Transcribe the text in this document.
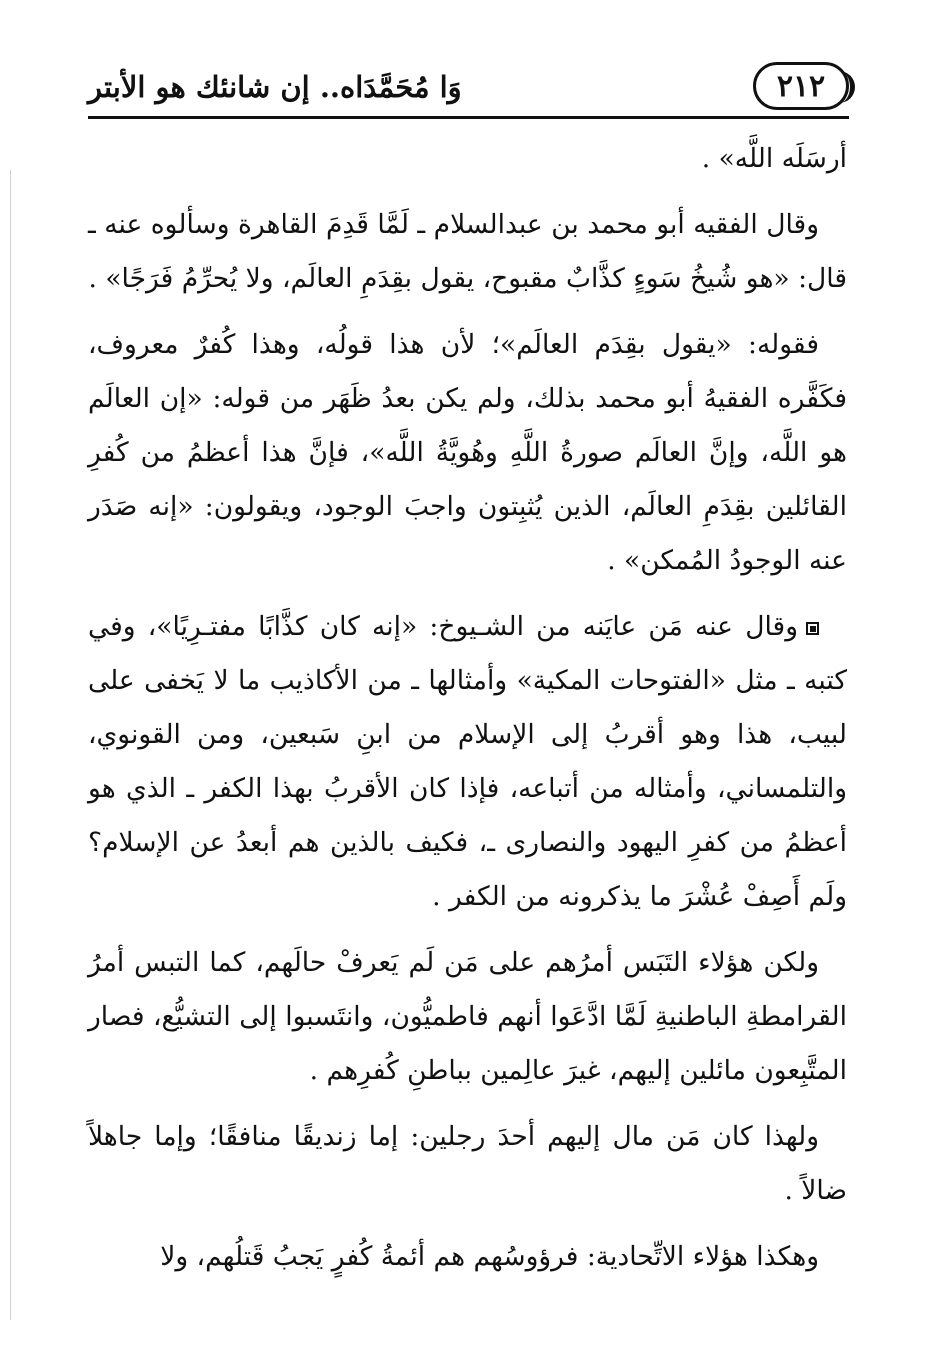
٢١٢
وَا مُحَمَّدَاه.. إن شانئك هو الأبتر

أرسَلَه اللَّه» .

وقال الفقيه أبو محمد بن عبدالسلام ـ لَمَّا قَدِمَ القاهرة وسألوه عنه ـ قال: «هو شُيخُ سَوءٍ كذَّابٌ مقبوح، يقول بقِدَمِ العالَم، ولا يُحرِّمُ فَرَجًا» .

فقوله: «يقول بقِدَم العالَم»؛ لأن هذا قولُه، وهذا كُفرٌ معروف، فكَفَّره الفقيهُ أبو محمد بذلك، ولم يكن بعدُ ظَهَر من قوله: «إن العالَم هو اللَّه، وإنَّ العالَم صورةُ اللَّهِ وهُويَّةُ اللَّه»، فإنَّ هذا أعظمُ من كُفرِ القائلين بقِدَمِ العالَم، الذين يُثبِتون واجبَ الوجود، ويقولون: «إنه صَدَر عنه الوجودُ المُمكن» .

وقال عنه مَن عايَنه من الشـيوخ: «إنه كان كذَّابًا مفتـرِيًا»، وفي كتبه ـ مثل «الفتوحات المكية» وأمثالها ـ من الأكاذيب ما لا يَخفى على لبيب، هذا وهو أقربُ إلى الإسلام من ابنِ سَبعين، ومن القونوي، والتلمساني، وأمثاله من أتباعه، فإذا كان الأقربُ بهذا الكفر ـ الذي هو أعظمُ من كفرِ اليهود والنصارى ـ، فكيف بالذين هم أبعدُ عن الإسلام؟ ولَم أَصِفْ عُشْرَ ما يذكرونه من الكفر .

ولكن هؤلاء التَبَس أمرُهم على مَن لَم يَعرفْ حالَهم، كما التبس أمرُ القرامطةِ الباطنيةِ لَمَّا ادَّعَوا أنهم فاطميُّون، وانتَسبوا إلى التشيُّع، فصار المتَّبِعون مائلين إليهم، غيرَ عالِمين بباطنِ كُفرِهم .

ولهذا كان مَن مال إليهم أحدَ رجلين: إما زنديقًا منافقًا؛ وإما جاهلاً ضالاً .

وهكذا هؤلاء الاتِّحادية: فرؤوسُهم هم أئمةُ كُفرٍ يَجبُ قَتلُهم، ولا
